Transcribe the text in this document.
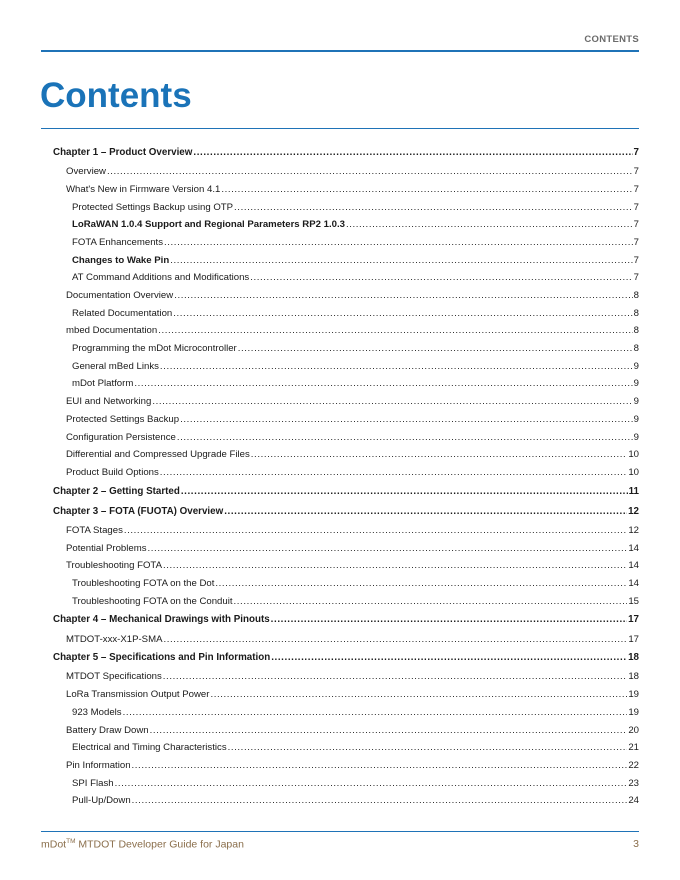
CONTENTS
Contents
Chapter 1 – Product Overview .....	7
Overview .....	7
What's New in Firmware Version 4.1 .....	7
Protected Settings Backup using OTP .....	7
LoRaWAN 1.0.4 Support and Regional Parameters RP2 1.0.3 .....	7
FOTA Enhancements .....	7
Changes to Wake Pin .....	7
AT Command Additions and Modifications .....	7
Documentation Overview .....	8
Related Documentation .....	8
mbed Documentation .....	8
Programming the mDot Microcontroller .....	8
General mBed Links .....	9
mDot Platform .....	9
EUI and Networking .....	9
Protected Settings Backup .....	9
Configuration Persistence .....	9
Differential and Compressed Upgrade Files .....	10
Product Build Options .....	10
Chapter 2 – Getting Started .....	11
Chapter 3 – FOTA (FUOTA) Overview .....	12
FOTA Stages .....	12
Potential Problems .....	14
Troubleshooting FOTA .....	14
Troubleshooting FOTA on the Dot .....	14
Troubleshooting FOTA on the Conduit .....	15
Chapter 4 – Mechanical Drawings with Pinouts .....	17
MTDOT-xxx-X1P-SMA .....	17
Chapter 5 – Specifications and Pin Information .....	18
MTDOT Specifications .....	18
LoRa Transmission Output Power .....	19
923 Models .....	19
Battery Draw Down .....	20
Electrical and Timing Characteristics .....	21
Pin Information .....	22
SPI Flash .....	23
Pull-Up/Down .....	24
mDot™ MTDOT Developer Guide for Japan	3
